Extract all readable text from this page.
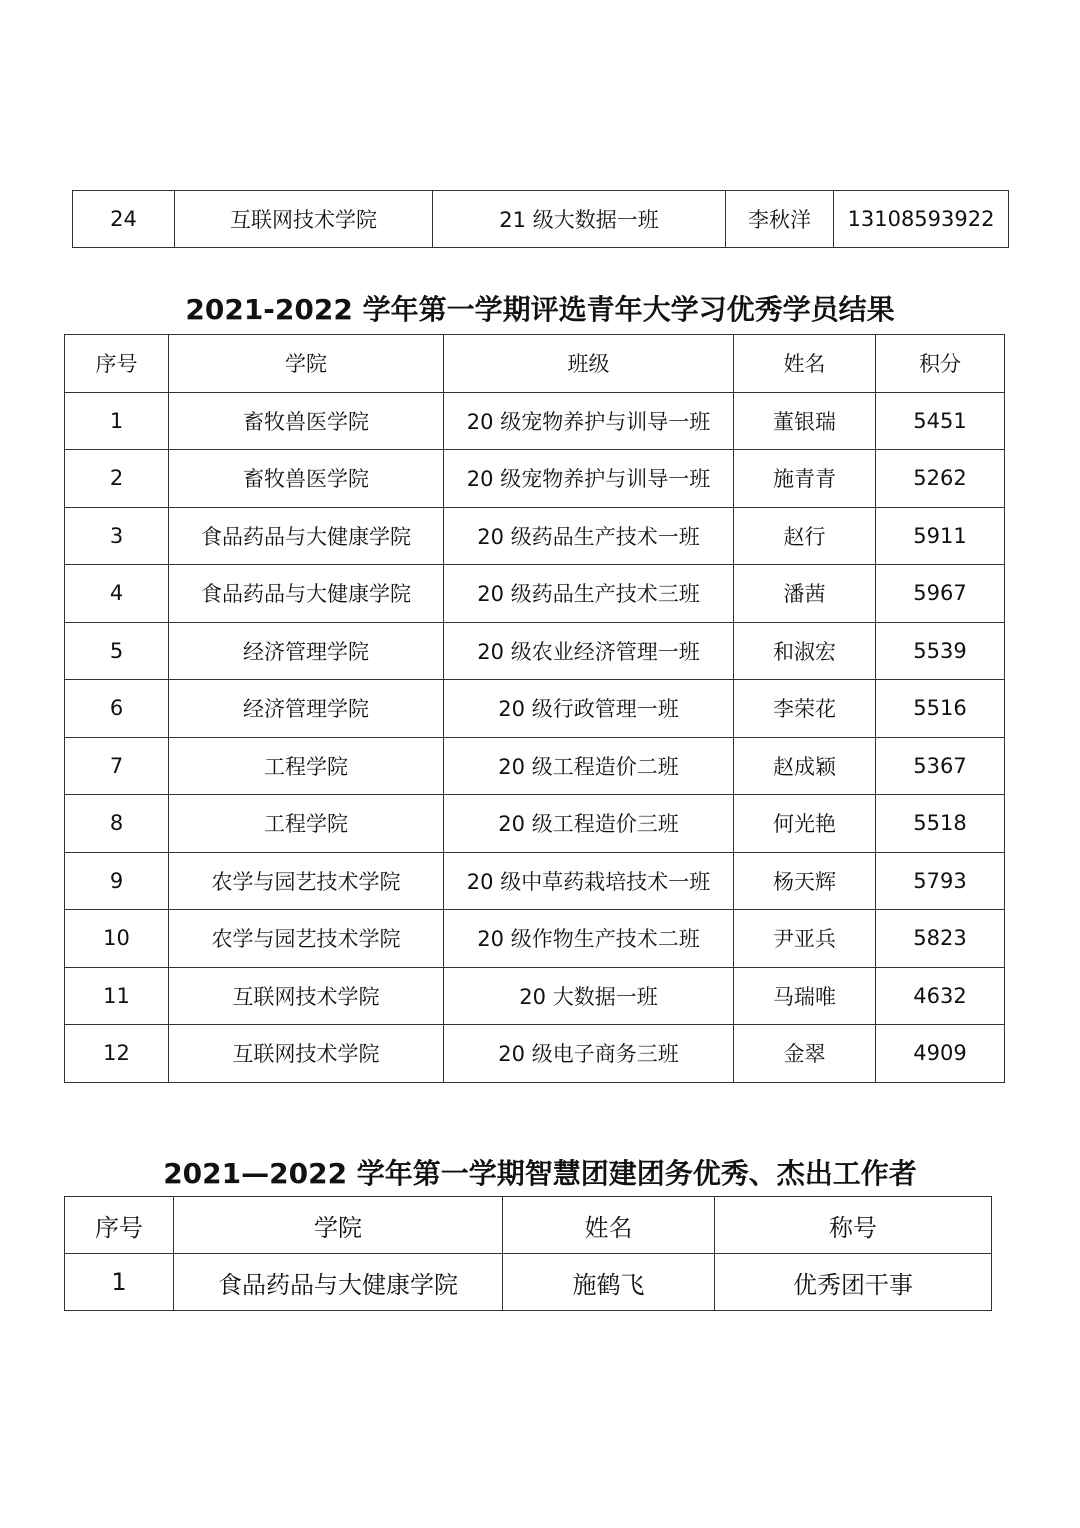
24	互联网技术学院	21 级大数据一班	李秋洋	13108593922
2021-2022 学年第一学期评选青年大学习优秀学员结果
序号	学院	班级	姓名	积分
1	畜牧兽医学院	20 级宠物养护与训导一班	董银瑞	5451
2	畜牧兽医学院	20 级宠物养护与训导一班	施青青	5262
3	食品药品与大健康学院	20 级药品生产技术一班	赵行	5911
4	食品药品与大健康学院	20 级药品生产技术三班	潘茜	5967
5	经济管理学院	20 级农业经济管理一班	和淑宏	5539
6	经济管理学院	20 级行政管理一班	李荣花	5516
7	工程学院	20 级工程造价二班	赵成颖	5367
8	工程学院	20 级工程造价三班	何光艳	5518
9	农学与园艺技术学院	20 级中草药栽培技术一班	杨天辉	5793
10	农学与园艺技术学院	20 级作物生产技术二班	尹亚兵	5823
11	互联网技术学院	20 大数据一班	马瑞唯	4632
12	互联网技术学院	20 级电子商务三班	金翠	4909
2021—2022 学年第一学期智慧团建团务优秀、杰出工作者
序号	学院	姓名	称号
1	食品药品与大健康学院	施鹤飞	优秀团干事
